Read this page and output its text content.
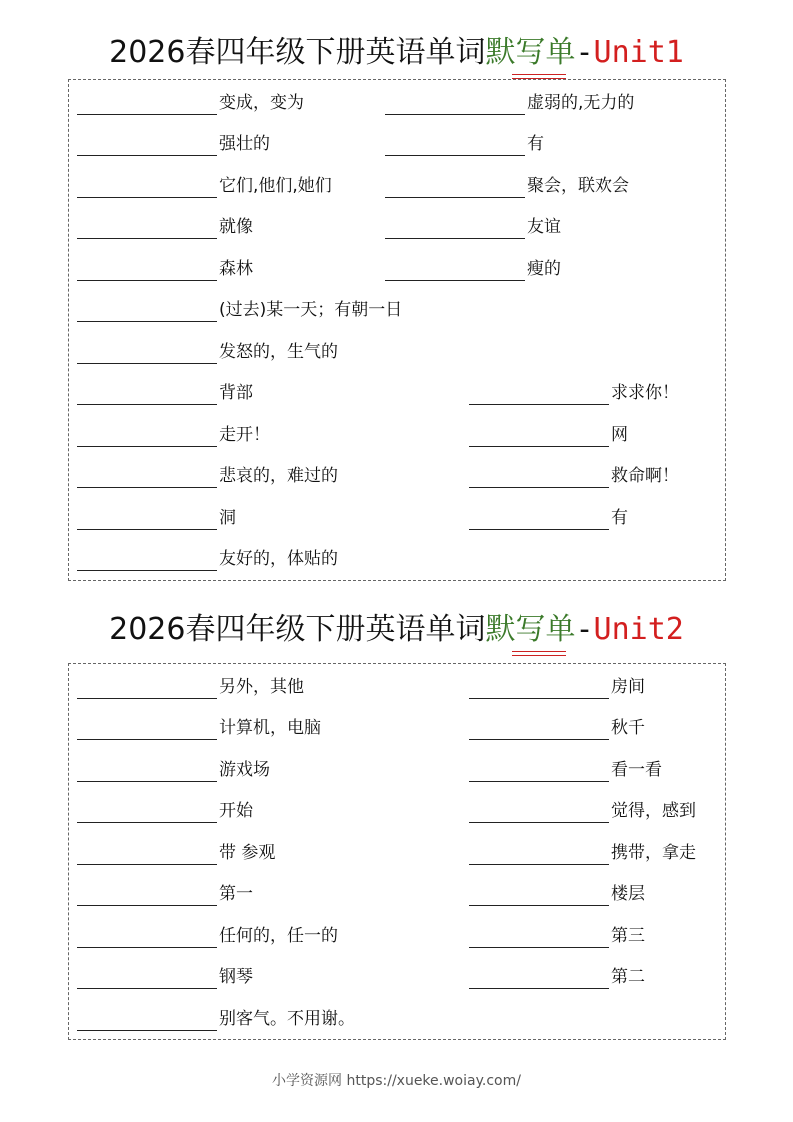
2026春四年级下册英语单词默写单
-Unit1
变成，变为
强壮的
它们,他们,她们
就像
森林
(过去)某一天；有朝一日
发怒的，生气的
背部
走开！
悲哀的，难过的
洞
友好的，体贴的
虚弱的,无力的
有
聚会，联欢会
友谊
瘦的
求求你！
网
救命啊！
有
2026春四年级下册英语单词默写单
-Unit2
另外，其他
计算机，电脑
游戏场
开始
带 参观
第一
任何的，任一的
钢琴
别客气。不用谢。
房间
秋千
看一看
觉得，感到
携带，拿走
楼层
第三
第二
小学资源网 https://xueke.woiay.com/
